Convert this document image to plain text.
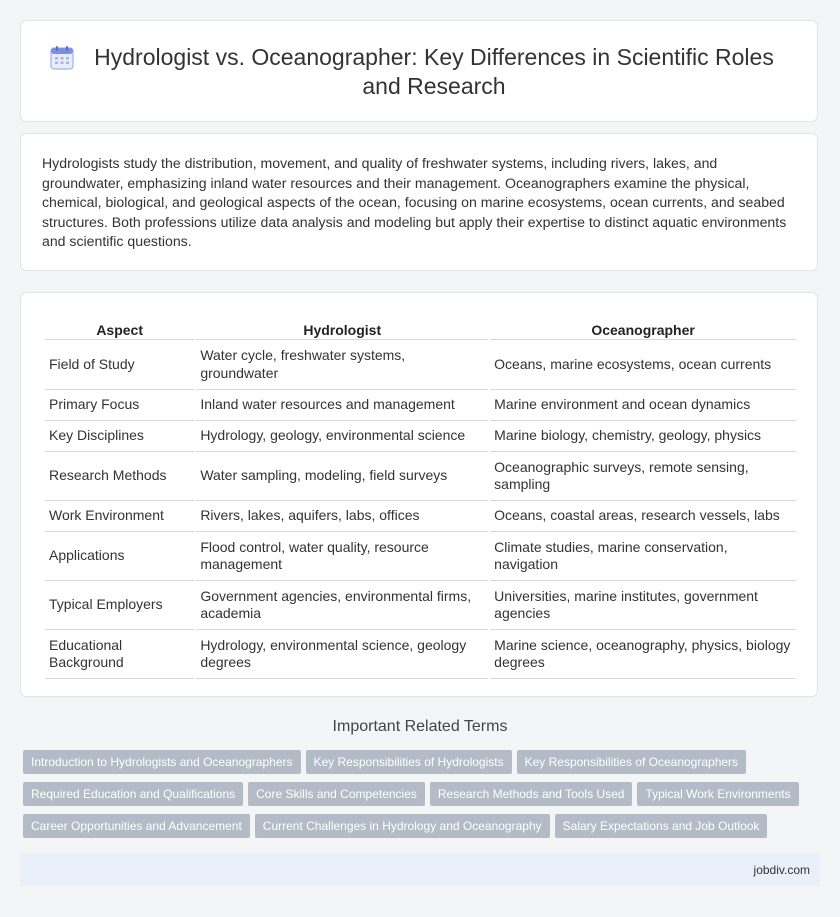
Hydrologist vs. Oceanographer: Key Differences in Scientific Roles and Research

Hydrologists study the distribution, movement, and quality of freshwater systems, including rivers, lakes, and groundwater, emphasizing inland water resources and their management. Oceanographers examine the physical, chemical, biological, and geological aspects of the ocean, focusing on marine ecosystems, ocean currents, and seabed structures. Both professions utilize data analysis and modeling but apply their expertise to distinct aquatic environments and scientific questions.

Aspect	Hydrologist	Oceanographer
Field of Study	Water cycle, freshwater systems, groundwater	Oceans, marine ecosystems, ocean currents
Primary Focus	Inland water resources and management	Marine environment and ocean dynamics
Key Disciplines	Hydrology, geology, environmental science	Marine biology, chemistry, geology, physics
Research Methods	Water sampling, modeling, field surveys	Oceanographic surveys, remote sensing, sampling
Work Environment	Rivers, lakes, aquifers, labs, offices	Oceans, coastal areas, research vessels, labs
Applications	Flood control, water quality, resource management	Climate studies, marine conservation, navigation
Typical Employers	Government agencies, environmental firms, academia	Universities, marine institutes, government agencies
Educational Background	Hydrology, environmental science, geology degrees	Marine science, oceanography, physics, biology degrees
Important Related Terms
Introduction to Hydrologists and Oceanographers Key Responsibilities of Hydrologists Key Responsibilities of Oceanographers
Required Education and Qualifications Core Skills and Competencies Research Methods and Tools Used Typical Work Environments
Career Opportunities and Advancement Current Challenges in Hydrology and Oceanography Salary Expectations and Job Outlook
jobdiv.com
